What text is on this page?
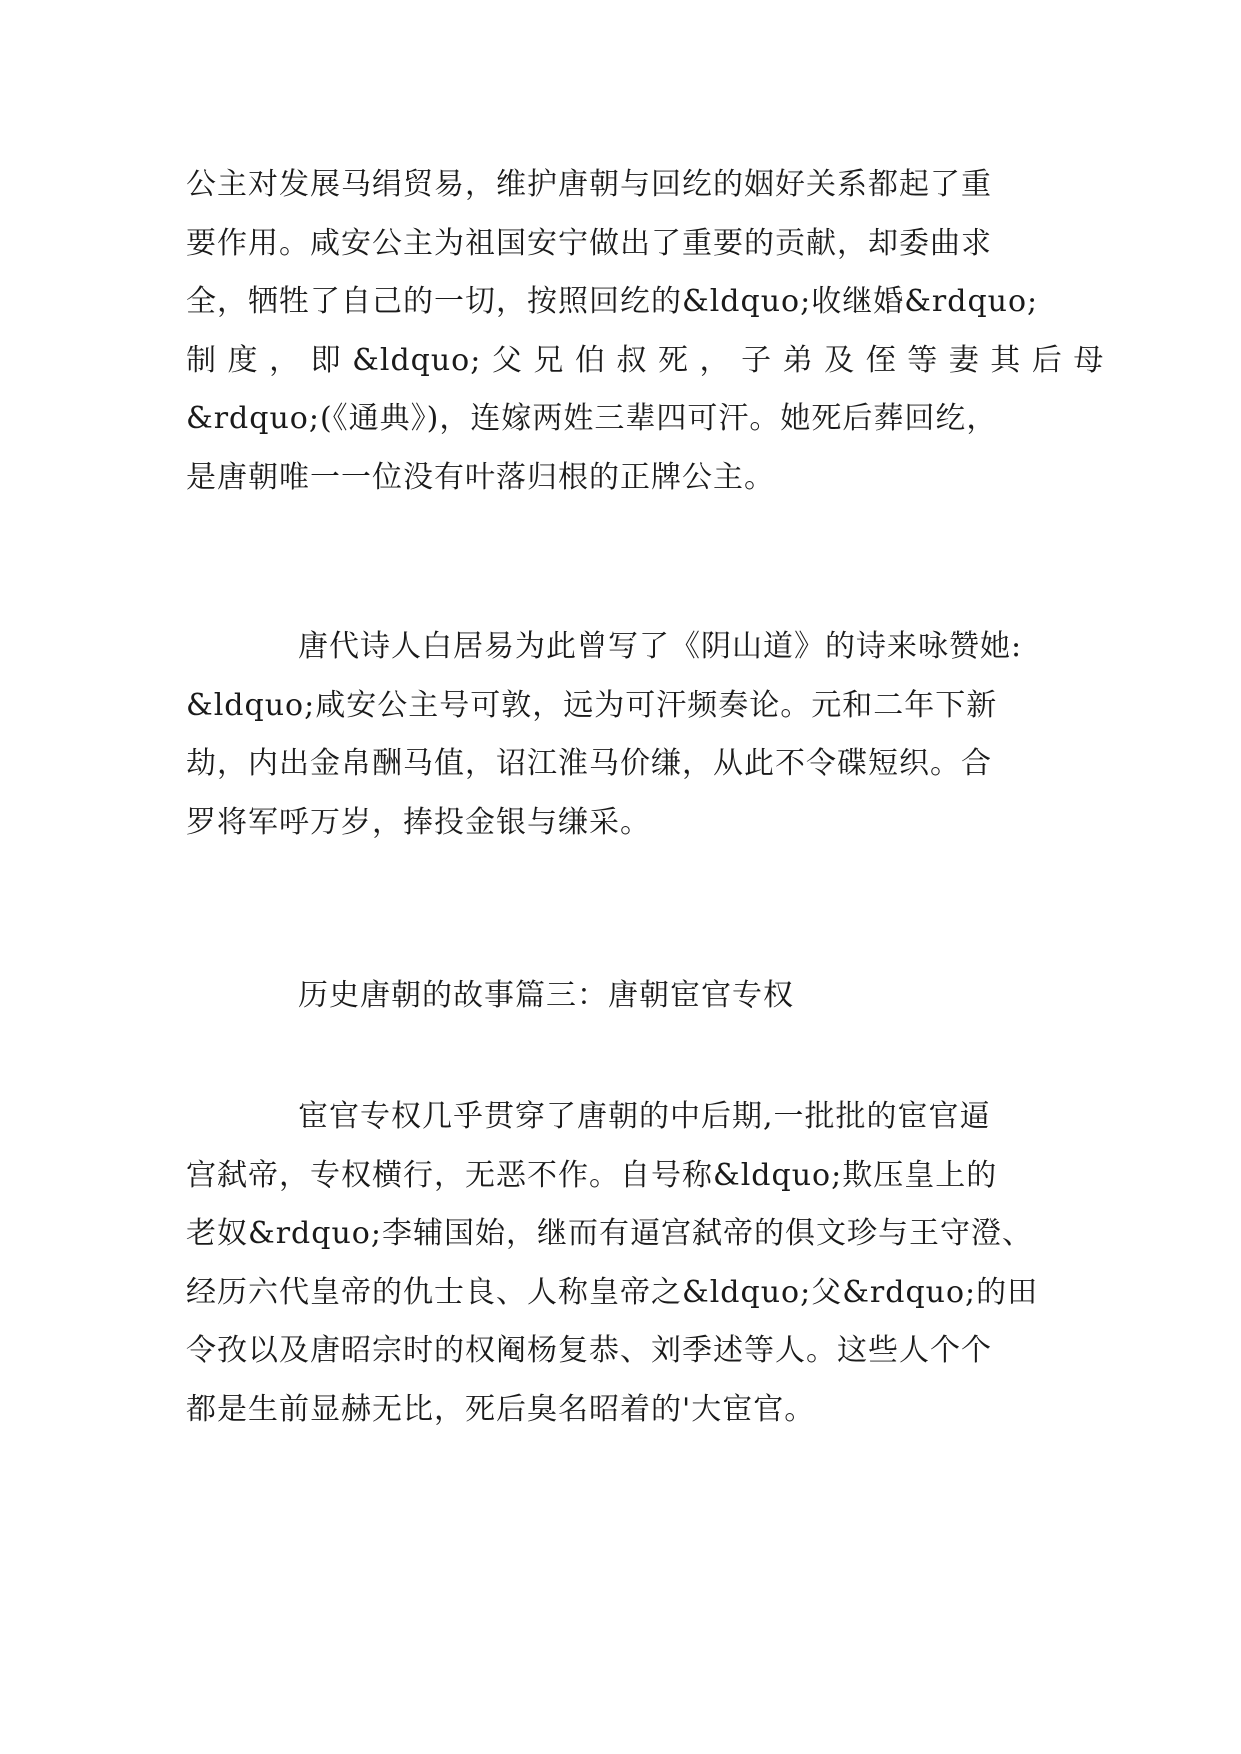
公主对发展马绢贸易，维护唐朝与回纥的姻好关系都起了重
要作用。咸安公主为祖国安宁做出了重要的贡献，却委曲求
全，牺牲了自己的一切，按照回纥的&ldquo;收继婚&rdquo;
制 度 ， 即 &ldquo; 父 兄 伯 叔 死 ， 子 弟 及 侄 等 妻 其 后 母
&rdquo;(《通典》)，连嫁两姓三辈四可汗。她死后葬回纥，
是唐朝唯一一位没有叶落归根的正牌公主。
唐代诗人白居易为此曾写了《阴山道》的诗来咏赞她:
&ldquo;咸安公主号可敦，远为可汗频奏论。元和二年下新
劫，内出金帛酬马值，诏江淮马价缣，从此不令碟短织。合
罗将军呼万岁，捧投金银与缣采。
历史唐朝的故事篇三：唐朝宦官专权
宦官专权几乎贯穿了唐朝的中后期,一批批的宦官逼
宫弑帝，专权横行，无恶不作。自号称&ldquo;欺压皇上的
老奴&rdquo;李辅国始，继而有逼宫弑帝的俱文珍与王守澄、
经历六代皇帝的仇士良、人称皇帝之&ldquo;父&rdquo;的田
令孜以及唐昭宗时的权阉杨复恭、刘季述等人。这些人个个
都是生前显赫无比，死后臭名昭着的'大宦官。
